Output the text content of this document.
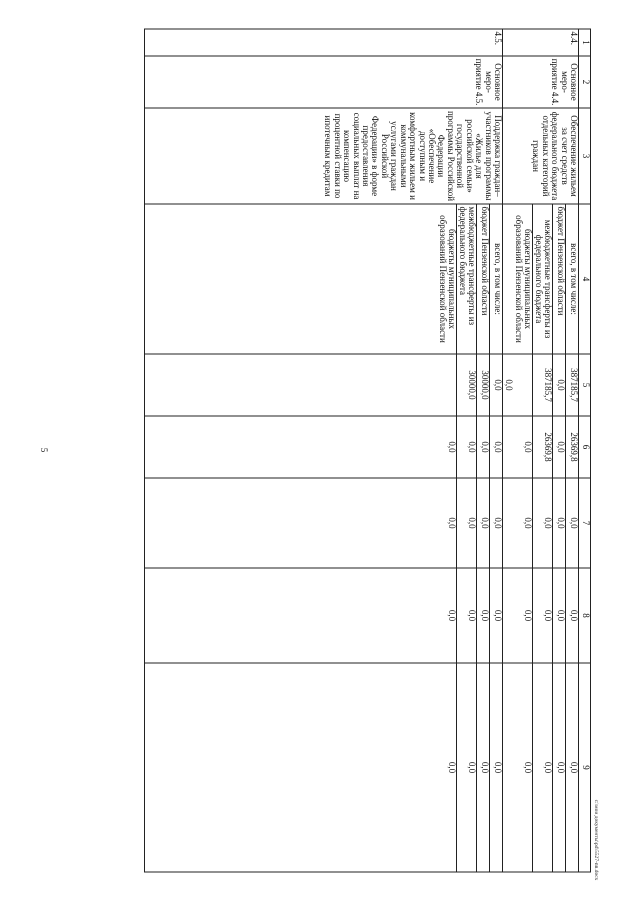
5
1	2	3	4	5	6	7	8	9
4.4.	Основное меро-приятие 4.4.	Обеспечение жильем за счет средств федерального бюджета отдельных категорий граждан	всего, в том числе:	387185,7	26369,8	0,0	0,0	0,0
			бюджет Пензенской области	0,0	0,0	0,0	0,0	0,0
			межбюджетные трансферты из федерального бюджета	387185,7	26369,8	0,0	0,0	0,0
			бюджеты муниципальных образований Пензенской области	0,0	0,0	0,0	0,0	0,0
4.5.	Основное меро-приятие 4.5.	Поддержка граждан–участников программы «Жилье для российской семьи» государственной программы Российской Федерации «Обеспечение доступным и комфортным жильем и коммунальными услугами граждан Российской Федерации» в форме предоставления социальных выплат на компенсацию процентной ставки по ипотечным кредитам	всего, в том числе:	0,0	0,0	0,0	0,0	0,0
			бюджет Пензенской области	30000,0	0,0	0,0	0,0	0,0
			межбюджетные трансферты из федерального бюджета	30000,0	0,0	0,0	0,0	0,0
			бюджеты муниципальных образований Пензенской области		0,0	0,0	0,0	0,0
c:\мои документы\pd\5527-nn.docx
